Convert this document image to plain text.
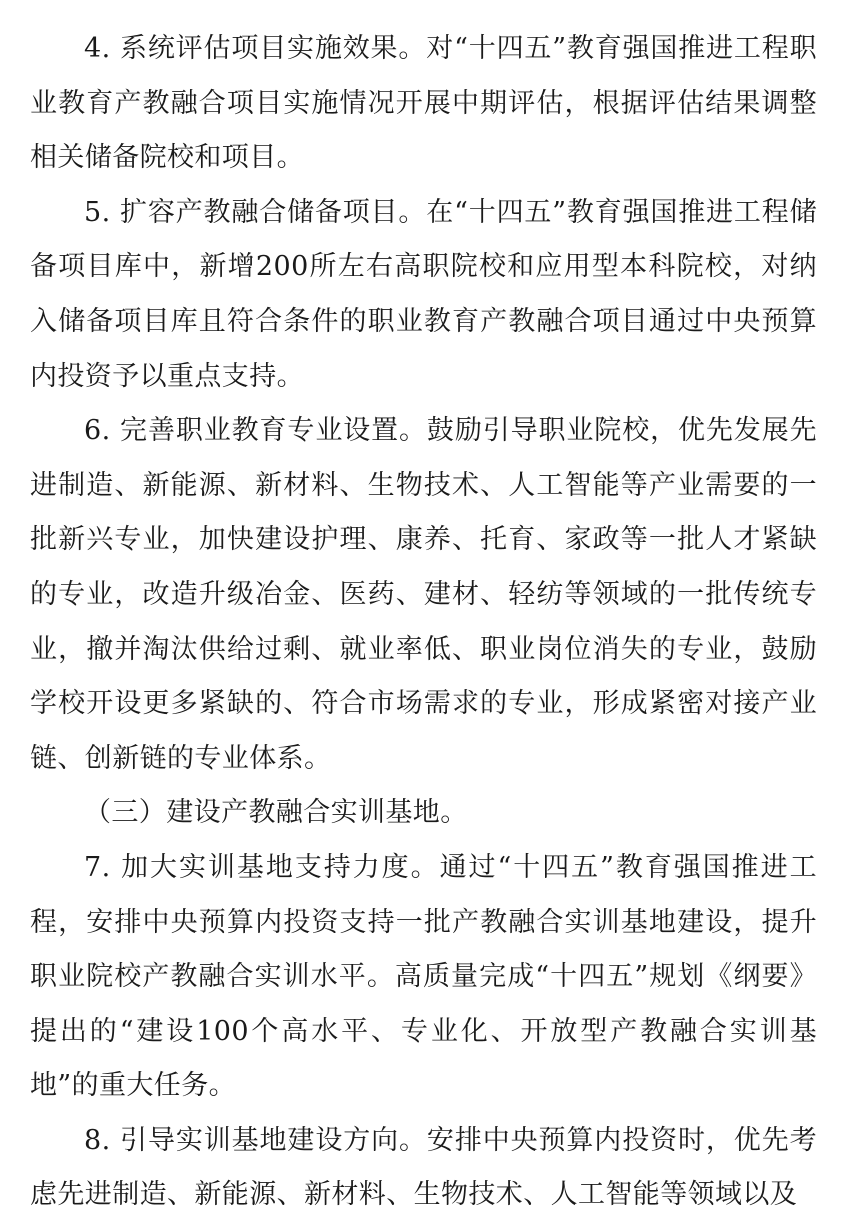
4. 系统评估项目实施效果。对“十四五”教育强国推进工程职业教育产教融合项目实施情况开展中期评估，根据评估结果调整相关储备院校和项目。

5. 扩容产教融合储备项目。在“十四五”教育强国推进工程储备项目库中，新增200所左右高职院校和应用型本科院校，对纳入储备项目库且符合条件的职业教育产教融合项目通过中央预算内投资予以重点支持。

6. 完善职业教育专业设置。鼓励引导职业院校，优先发展先进制造、新能源、新材料、生物技术、人工智能等产业需要的一批新兴专业，加快建设护理、康养、托育、家政等一批人才紧缺的专业，改造升级冶金、医药、建材、轻纺等领域的一批传统专业，撤并淘汰供给过剩、就业率低、职业岗位消失的专业，鼓励学校开设更多紧缺的、符合市场需求的专业，形成紧密对接产业链、创新链的专业体系。

（三）建设产教融合实训基地。

7. 加大实训基地支持力度。通过“十四五”教育强国推进工程，安排中央预算内投资支持一批产教融合实训基地建设，提升职业院校产教融合实训水平。高质量完成“十四五”规划《纲要》提出的“建设100个高水平、专业化、开放型产教融合实训基地”的重大任务。

8. 引导实训基地建设方向。安排中央预算内投资时，优先考虑先进制造、新能源、新材料、生物技术、人工智能等领域以及
